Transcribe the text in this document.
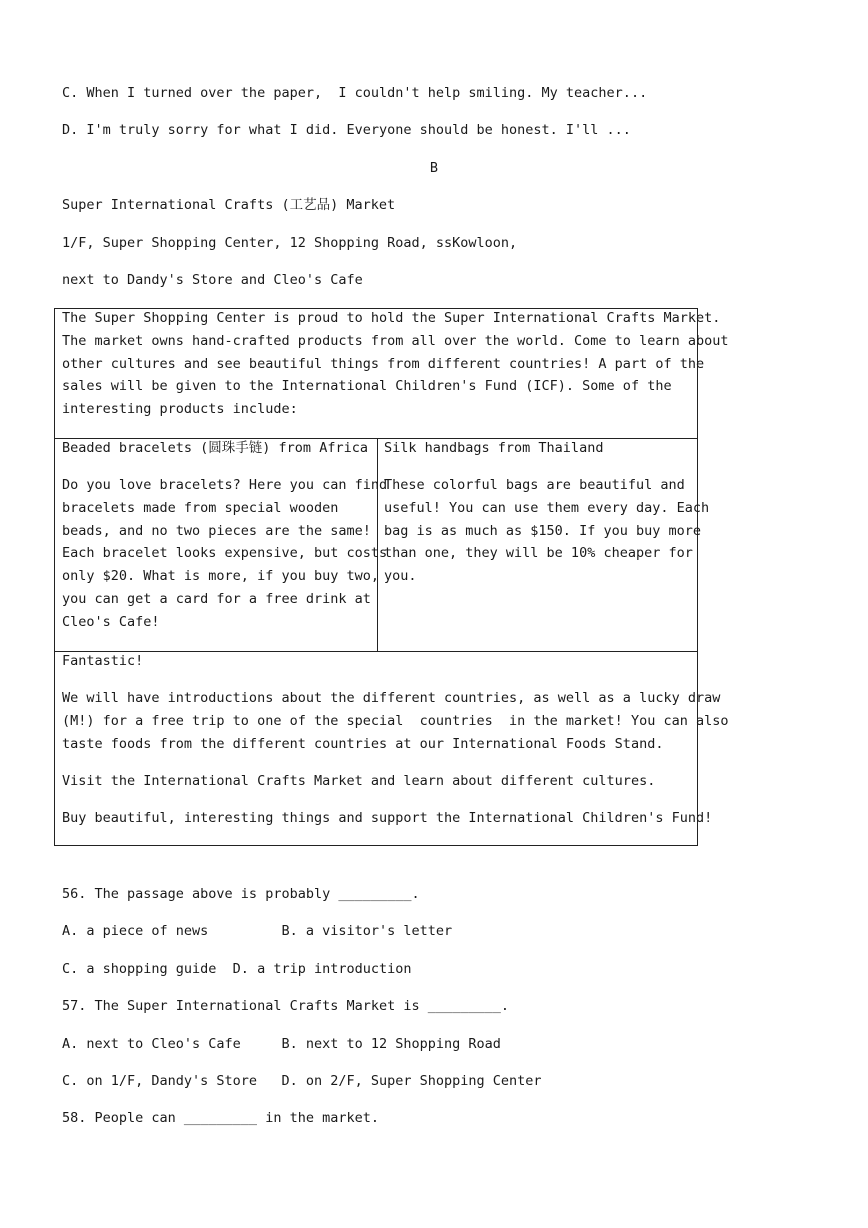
C. When I turned over the paper,  I couldn't help smiling. My teacher...
D. I'm truly sorry for what I did. Everyone should be honest. I'll ...
B
Super International Crafts (工艺品) Market
1/F, Super Shopping Center, 12 Shopping Road, ssKowloon,
next to Dandy's Store and Cleo's Cafe
The Super Shopping Center is proud to hold the Super International Crafts Market.
The market owns hand-crafted products from all over the world. Come to learn about
other cultures and see beautiful things from different countries! A part of the
sales will be given to the International Children's Fund (ICF). Some of the
interesting products include:
Beaded bracelets (圆珠手链) from Africa
Do you love bracelets? Here you can find
bracelets made from special wooden
beads, and no two pieces are the same!
Each bracelet looks expensive, but costs
only $20. What is more, if you buy two,
you can get a card for a free drink at
Cleo's Cafe!
Silk handbags from Thailand
These colorful bags are beautiful and
useful! You can use them every day. Each
bag is as much as $150. If you buy more
than one, they will be 10% cheaper for
you.
Fantastic!
We will have introductions about the different countries, as well as a lucky draw
(M!) for a free trip to one of the special  countries  in the market! You can also
taste foods from the different countries at our International Foods Stand.
Visit the International Crafts Market and learn about different cultures.
Buy beautiful, interesting things and support the International Children's Fund!
56. The passage above is probably _________.
A. a piece of news         B. a visitor's letter
C. a shopping guide  D. a trip introduction
57. The Super International Crafts Market is _________.
A. next to Cleo's Cafe     B. next to 12 Shopping Road
C. on 1/F, Dandy's Store   D. on 2/F, Super Shopping Center
58. People can _________ in the market.
